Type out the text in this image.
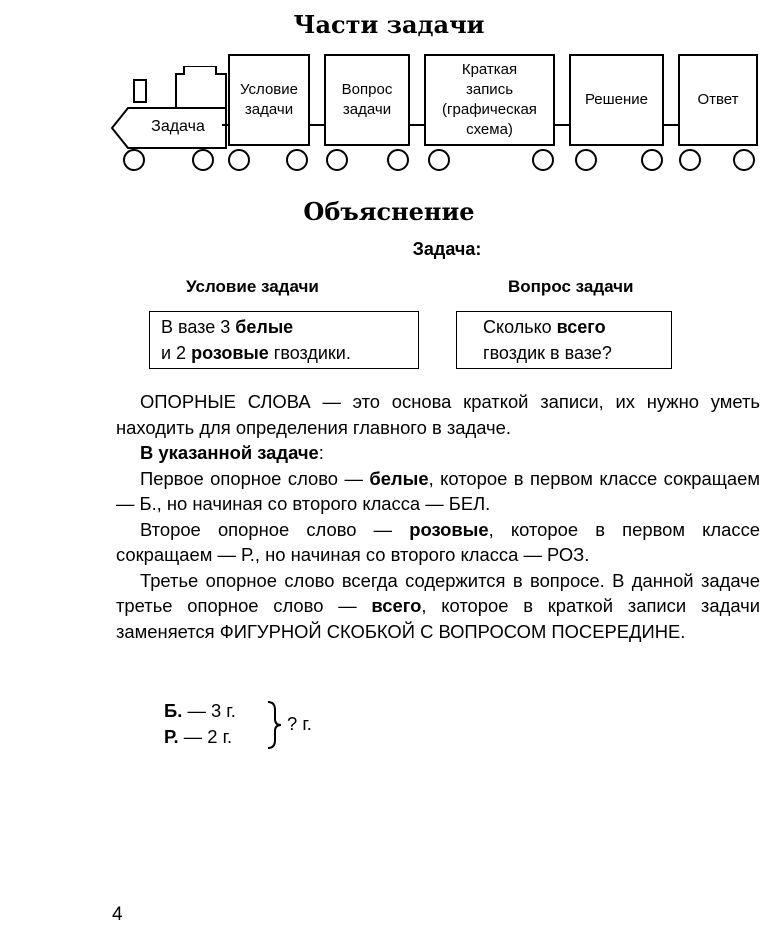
Части задачи
Задача
Условие
задачи
Вопрос
задачи
Краткая
запись
(графическая
схема)
Решение	Ответ
Объяснение
Задача:
Условие задачи	Вопрос задачи
В вазе 3 белые
и 2 розовые гвоздики.
Сколько всего
гвоздик в вазе?

ОПОРНЫЕ СЛОВА — это основа краткой записи, их нужно уметь находить для определения главного в задаче.

В указанной задаче:

Первое опорное слово — белые, которое в первом классе сокращаем — Б., но начиная со второго класса — БЕЛ.

Второе опорное слово — розовые, которое в первом классе сокращаем — Р., но начиная со второго класса — РОЗ.

Третье опорное слово всегда содержится в вопросе. В данной задаче третье опорное слово — всего, которое в краткой записи задачи заменяется ФИГУРНОЙ СКОБКОЙ С ВОПРОСОМ ПОСЕРЕДИНЕ.

Б. — 3 г.
Р. — 2 г.
? г.
4
